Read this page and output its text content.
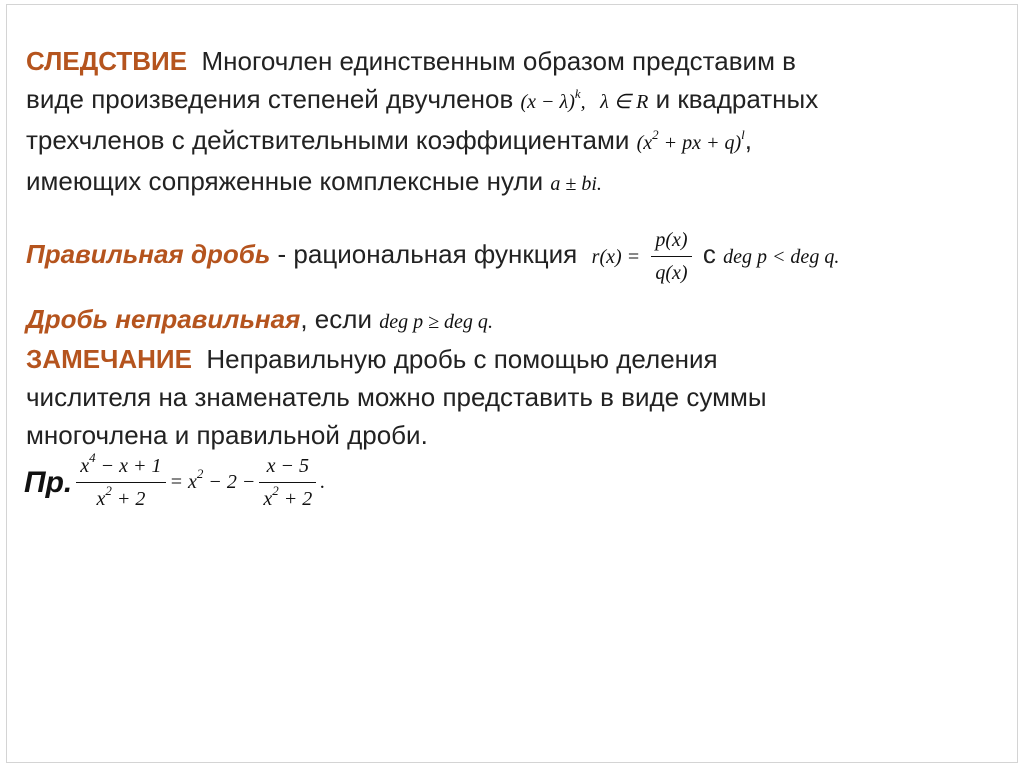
СЛЕДСТВИЕ Многочлен единственным образом представим в
виде произведения степеней двучленов $(x - \lambda)^k$, λ ∈ R и квадратных
трехчленов с действительными коэффициентами ($x^2$ + px + q)$^l$,
имеющих сопряженные комплексные нули a ± bi.
Правильная дробь - рациональная функция $r(x) = \frac{p(x)}{q(x)}$ с deg p < deg q.
Дробь неправильная, если deg p ≥ deg q.
ЗАМЕЧАНИЕ Неправильную дробь с помощью деления
числителя на знаменатель можно представить в виде суммы
многочлена и правильной дроби.
Пр. $\frac{x^4 - x + 1}{x^2 + 2} = x^2 - 2 - \frac{x - 5}{x^2 + 2}$ .
